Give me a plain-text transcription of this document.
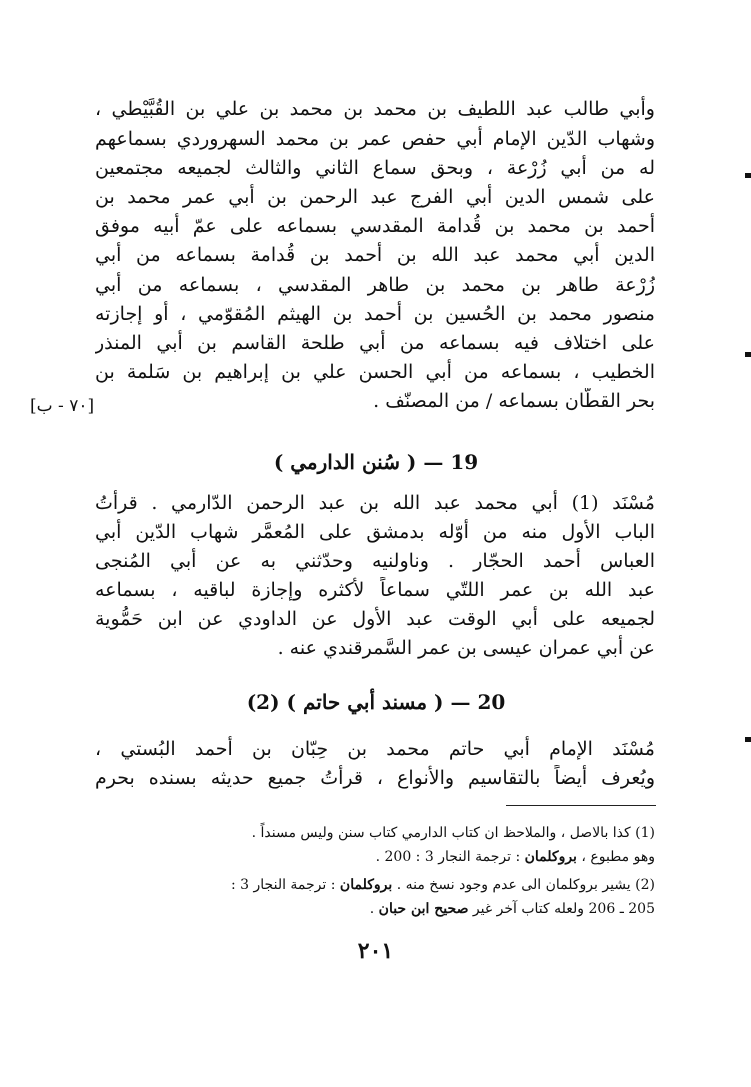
وأبي طالب عبد اللطيف بن محمد بن محمد بن علي بن القُبَّيْطي ،
وشهاب الدّين الإمام أبي حفص عمر بن محمد السهروردي بسماعهم
له من أبي زُرْعة ، وبحق سماع الثاني والثالث لجميعه مجتمعين
على شمس الدين أبي الفرج عبد الرحمن بن أبي عمر محمد بن
أحمد بن محمد بن قُدامة المقدسي بسماعه على عمّ أبيه موفق
الدين أبي محمد عبد الله بن أحمد بن قُدامة بسماعه من أبي
زُرْعة طاهر بن محمد بن طاهر المقدسي ، بسماعه من أبي
منصور محمد بن الحُسين بن أحمد بن الهيثم المُقوّمي ، أو إجازته
على اختلاف فيه بسماعه من أبي طلحة القاسم بن أبي المنذر
الخطيب ، بسماعه من أبي الحسن علي بن إبراهيم بن سَلمة بن
بحر القطّان بسماعه / من المصنّف .
[٧٠ - ب]
19 — ( سُنن الدارمي )
مُسْنَد (1) أبي محمد عبد الله بن عبد الرحمن الدّارمي . قرأتُ
الباب الأول منه من أوّله بدمشق على المُعمَّر شهاب الدّين أبي
العباس أحمد الحجّار . وناولنيه وحدّثني به عن أبي المُنجى
عبد الله بن عمر اللتّي سماعاً لأكثره وإجازة لباقيه ، بسماعه
لجميعه على أبي الوقت عبد الأول عن الداودي عن ابن حَمُّوية
عن أبي عمران عيسى بن عمر السَّمرقندي عنه .
20 — ( مسند أبي حاتم ) (2)
مُسْنَد الإمام أبي حاتم محمد بن حِبّان بن أحمد البُستي ،
ويُعرف أيضاً بالتقاسيم والأنواع ، قرأتُ جميع حديثه بسنده بحرم
(1) كذا بالاصل ، والملاحظ ان كتاب الدارمي كتاب سنن وليس مسنداً .
وهو مطبوع ، بروكلمان : ترجمة النجار 3 : 200 .
(2) يشير بروكلمان الى عدم وجود نسخ منه . بروكلمان : ترجمة النجار 3 :
205 ـ 206 ولعله كتاب آخر غير صحيح ابن حبان .
٢٠١
